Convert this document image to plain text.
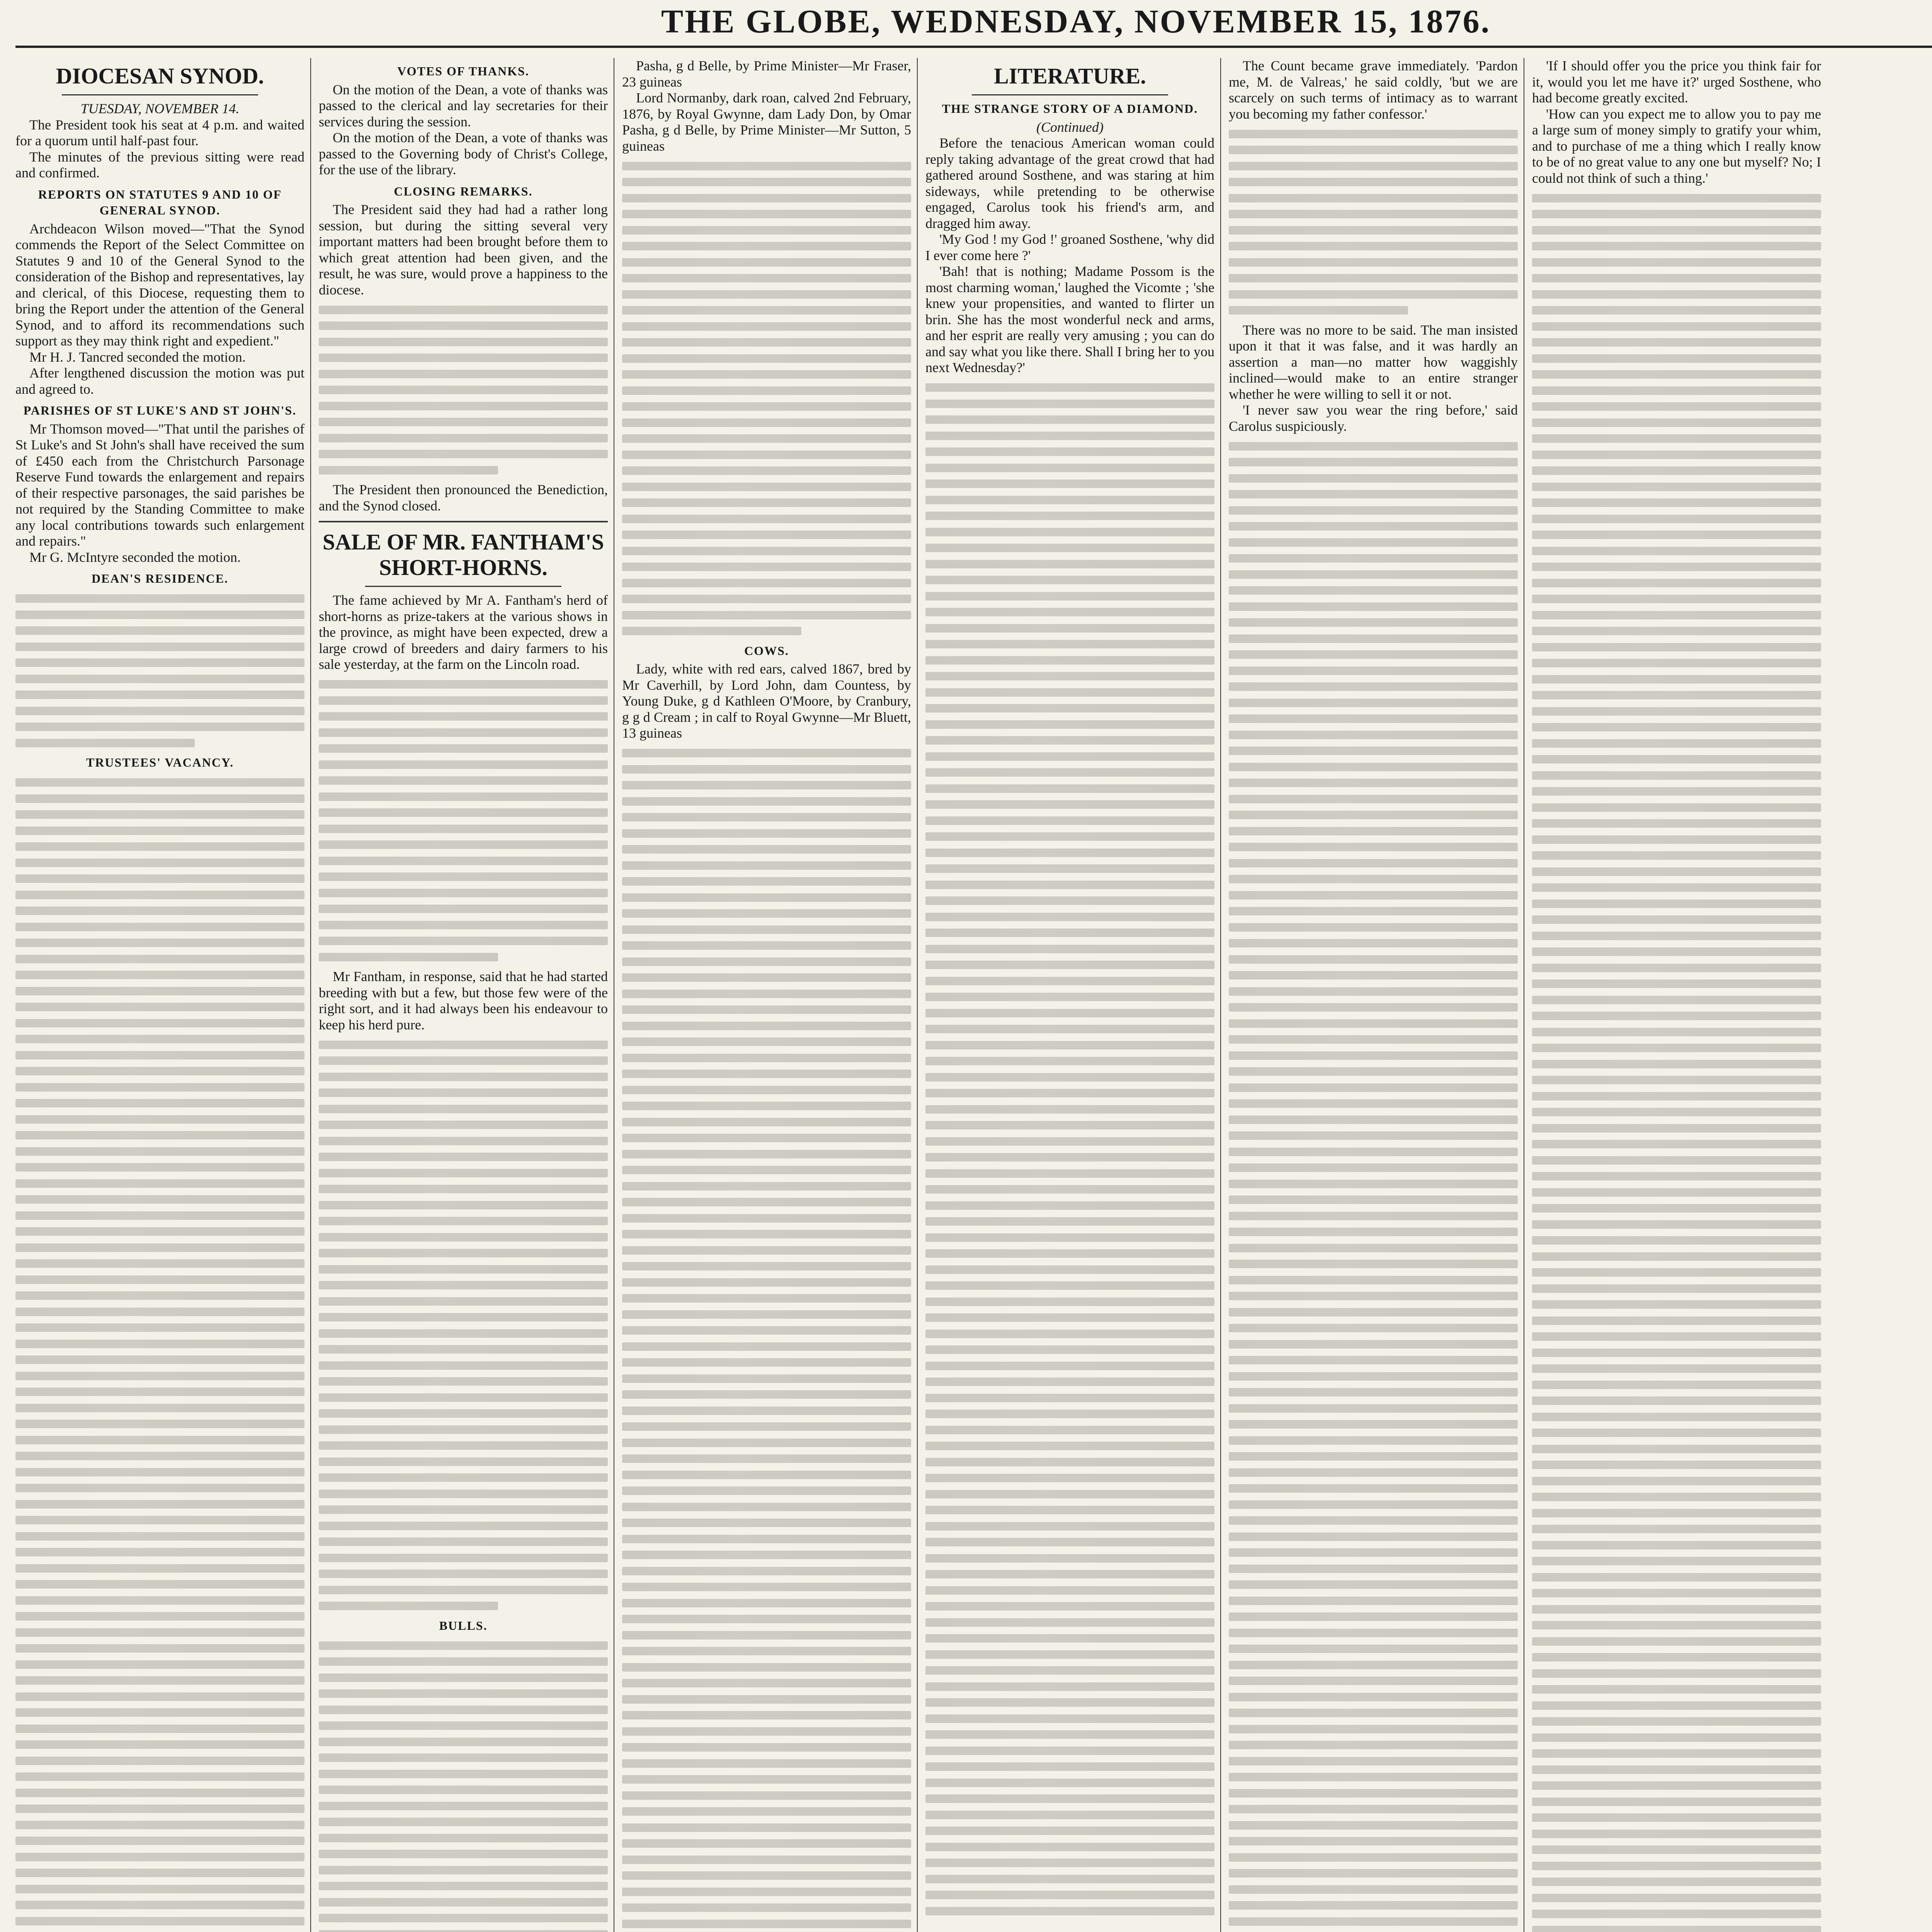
THE GLOBE, WEDNESDAY, NOVEMBER 15, 1876.
DIOCESAN SYNOD.

TUESDAY, NOVEMBER 14.

The President took his seat at 4 p.m. and waited for a quorum until half-past four.

The minutes of the previous sitting were read and confirmed.

REPORTS ON STATUTES 9 AND 10 OF GENERAL SYNOD.

Archdeacon Wilson moved—"That the Synod commends the Report of the Select Committee on Statutes 9 and 10 of the General Synod to the consideration of the Bishop and representatives, lay and clerical, of this Diocese, requesting them to bring the Report under the attention of the General Synod, and to afford its recommendations such support as they may think right and expedient."

Mr H. J. Tancred seconded the motion.

After lengthened discussion the motion was put and agreed to.

PARISHES OF ST LUKE'S AND ST JOHN'S.

Mr Thomson moved—"That until the parishes of St Luke's and St John's shall have received the sum of £450 each from the Christchurch Parsonage Reserve Fund towards the enlargement and repairs of their respective parsonages, the said parishes be not required by the Standing Committee to make any local contributions towards such enlargement and repairs."

Mr G. McIntyre seconded the motion.

DEAN'S RESIDENCE.
TRUSTEES' VACANCY.
VOTES OF THANKS.

On the motion of the Dean, a vote of thanks was passed to the clerical and lay secretaries for their services during the session.

On the motion of the Dean, a vote of thanks was passed to the Governing body of Christ's College, for the use of the library.

CLOSING REMARKS.

The President said they had had a rather long session, but during the sitting several very important matters had been brought before them to which great attention had been given, and the result, he was sure, would prove a happiness to the diocese.

The President then pronounced the Benediction, and the Synod closed.

SALE OF MR. FANTHAM'S SHORT-HORNS.

The fame achieved by Mr A. Fantham's herd of short-horns as prize-takers at the various shows in the province, as might have been expected, drew a large crowd of breeders and dairy farmers to his sale yesterday, at the farm on the Lincoln road.

Mr Fantham, in response, said that he had started breeding with but a few, but those few were of the right sort, and it had always been his endeavour to keep his herd pure.

BULLS.

Pasha, g d Belle, by Prime Minister—Mr Fraser, 23 guineas

Lord Normanby, dark roan, calved 2nd February, 1876, by Royal Gwynne, dam Lady Don, by Omar Pasha, g d Belle, by Prime Minister—Mr Sutton, 5 guineas

COWS.

Lady, white with red ears, calved 1867, bred by Mr Caverhill, by Lord John, dam Countess, by Young Duke, g d Kathleen O'Moore, by Cranbury, g g d Cream ; in calf to Royal Gwynne—Mr Bluett, 13 guineas

LITERATURE.
THE STRANGE STORY OF A DIAMOND.

(Continued)

Before the tenacious American woman could reply taking advantage of the great crowd that had gathered around Sosthene, and was staring at him sideways, while pretending to be otherwise engaged, Carolus took his friend's arm, and dragged him away.

'My God ! my God !' groaned Sosthene, 'why did I ever come here ?'

'Bah! that is nothing; Madame Possom is the most charming woman,' laughed the Vicomte ; 'she knew your propensities, and wanted to flirter un brin. She has the most wonderful neck and arms, and her esprit are really very amusing ; you can do and say what you like there. Shall I bring her to you next Wednesday?'

The Count became grave immediately. 'Pardon me, M. de Valreas,' he said coldly, 'but we are scarcely on such terms of intimacy as to warrant you becoming my father confessor.'

There was no more to be said. The man insisted upon it that it was false, and it was hardly an assertion a man—no matter how waggishly inclined—would make to an entire stranger whether he were willing to sell it or not.

'I never saw you wear the ring before,' said Carolus suspiciously.

'If I should offer you the price you think fair for it, would you let me have it?' urged Sosthene, who had become greatly excited.

'How can you expect me to allow you to pay me a large sum of money simply to gratify your whim, and to purchase of me a thing which I really know to be of no great value to any one but myself? No; I could not think of such a thing.'
